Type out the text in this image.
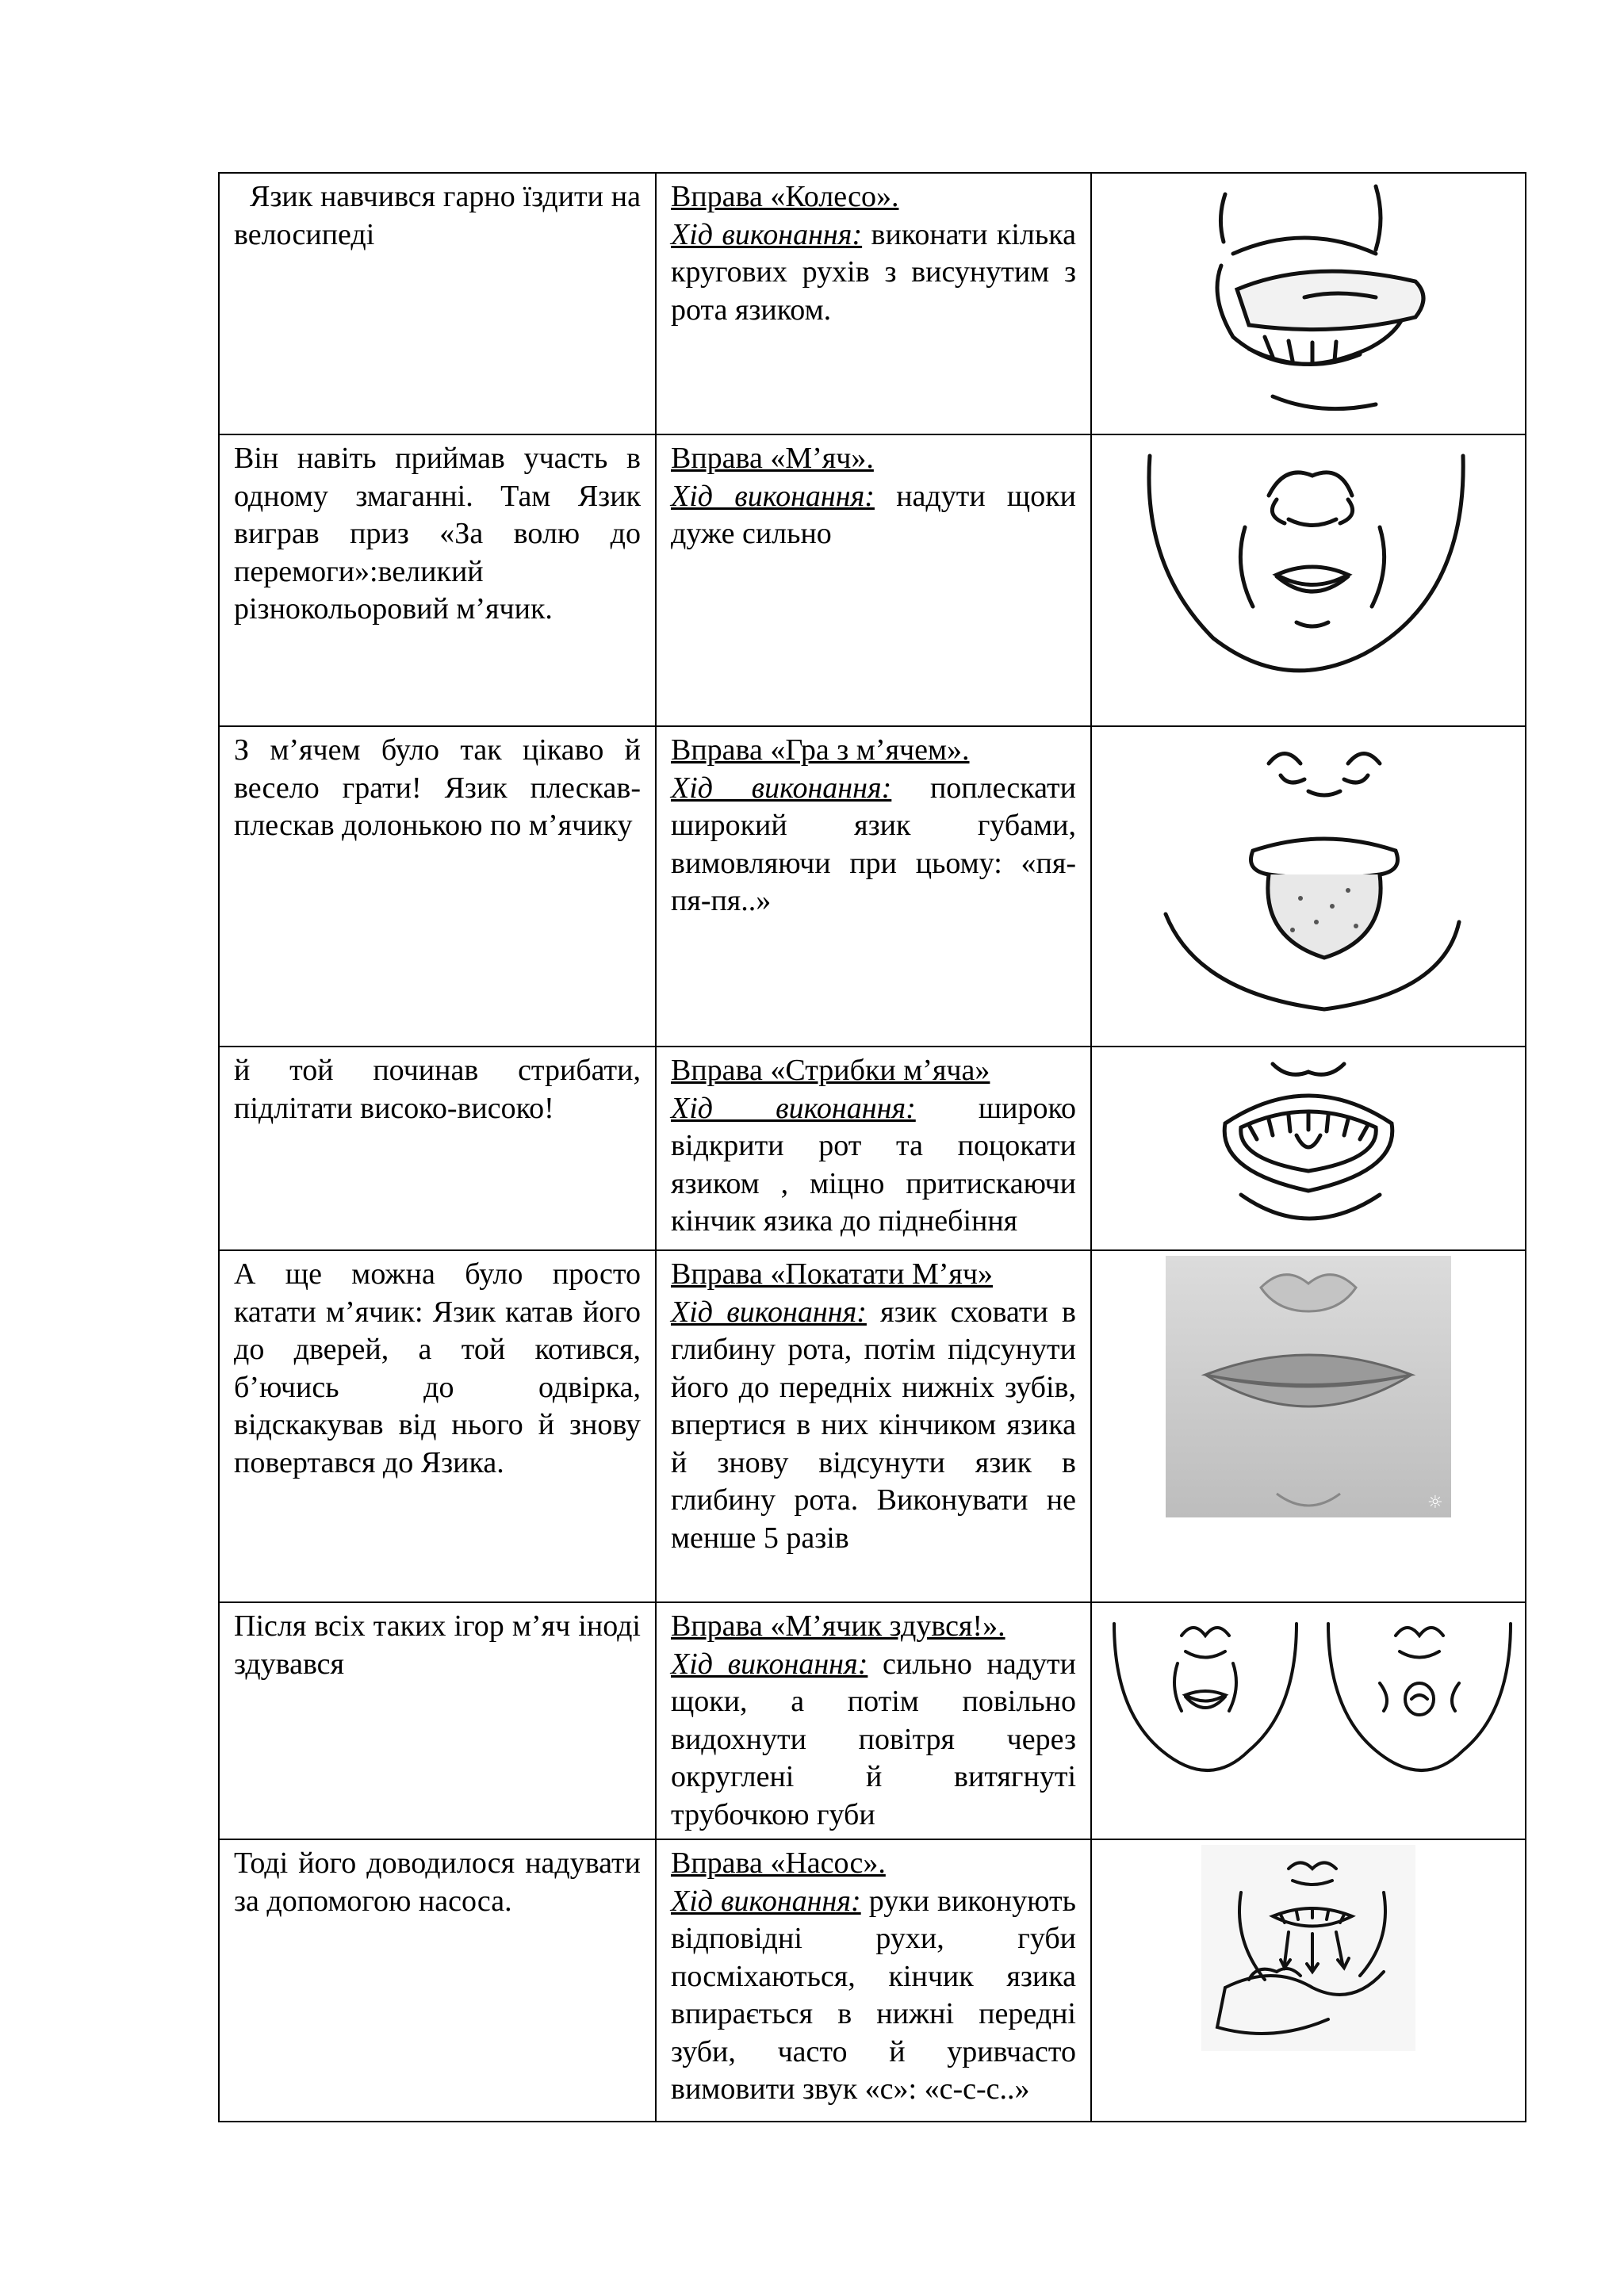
Язик навчився гарно їздити на велосипеді	Вправа «Колесо».
Хід виконання: виконати кілька кругових рухів з висунутим з рота язиком.

Він навіть приймав участь в одному змаганні. Там Язик виграв приз «За волю до перемоги»:великий різнокольоровий м’ячик.	Вправа «М’яч».
Хід виконання: надути щоки дуже сильно

З м’ячем було так цікаво й весело грати! Язик плескав-плескав долонькою по м’ячику	Вправа «Гра з м’ячем».
Хід виконання: поплескати широкий язик губами, вимовляючи при цьому: «пя-пя-пя..»

й той починав стрибати, підлітати високо-високо!	Вправа «Стрибки м’яча»
Хід виконання: широко відкрити рот та поцокати язиком , міцно притискаючи кінчик язика до піднебіння

А ще можна було просто катати м’ячик: Язик катав його до дверей, а той котився, б’ючись до одвірка, відскакував від нього й знову повертався до Язика.	Вправа «Покатати М’яч»
Хід виконання: язик сховати в глибину рота, потім підсунути його до передніх нижніх зубів, впертися в них кінчиком язика й знову відсунути язик в глибину рота. Виконувати не менше 5 разів	☼

Після всіх таких ігор м’яч іноді здувався	Вправа «М’ячик здувся!».
Хід виконання: сильно надути щоки, а потім повільно видохнути повітря через округлені й витягнуті трубочкою губи

Тоді його доводилося надувати за допомогою насоса.	Вправа «Насос».
Хід виконання: руки виконують відповідні рухи, губи посміхаються, кінчик язика впирається в нижні передні зуби, часто й уривчасто вимовити звук «с»: «с-с-с..»
